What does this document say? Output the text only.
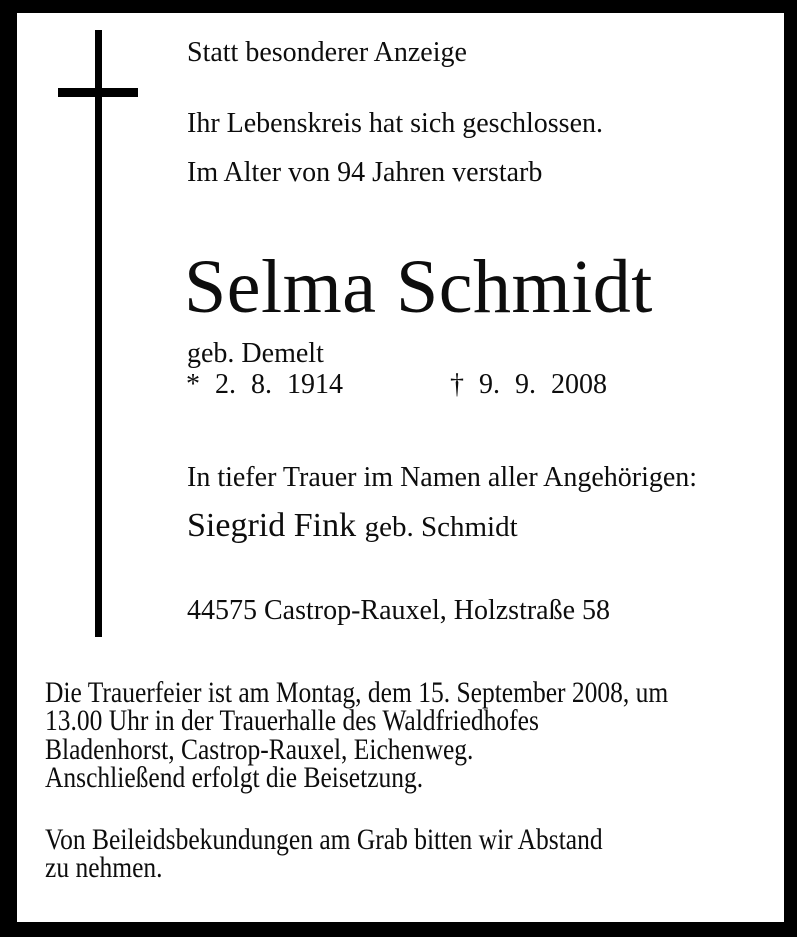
Statt besonderer Anzeige
Ihr Lebenskreis hat sich geschlossen.
Im Alter von 94 Jahren verstarb
Selma Schmidt
geb. Demelt
* 2. 8. 1914	† 9. 9. 2008
In tiefer Trauer im Namen aller Angehörigen:
Siegrid Fink geb. Schmidt
44575 Castrop-Rauxel, Holzstraße 58
Die Trauerfeier ist am Montag, dem 15. September 2008, um
13.00 Uhr in der Trauerhalle des Waldfriedhofes
Bladenhorst, Castrop-Rauxel, Eichenweg.
Anschließend erfolgt die Beisetzung.
Von Beileidsbekundungen am Grab bitten wir Abstand
zu nehmen.
